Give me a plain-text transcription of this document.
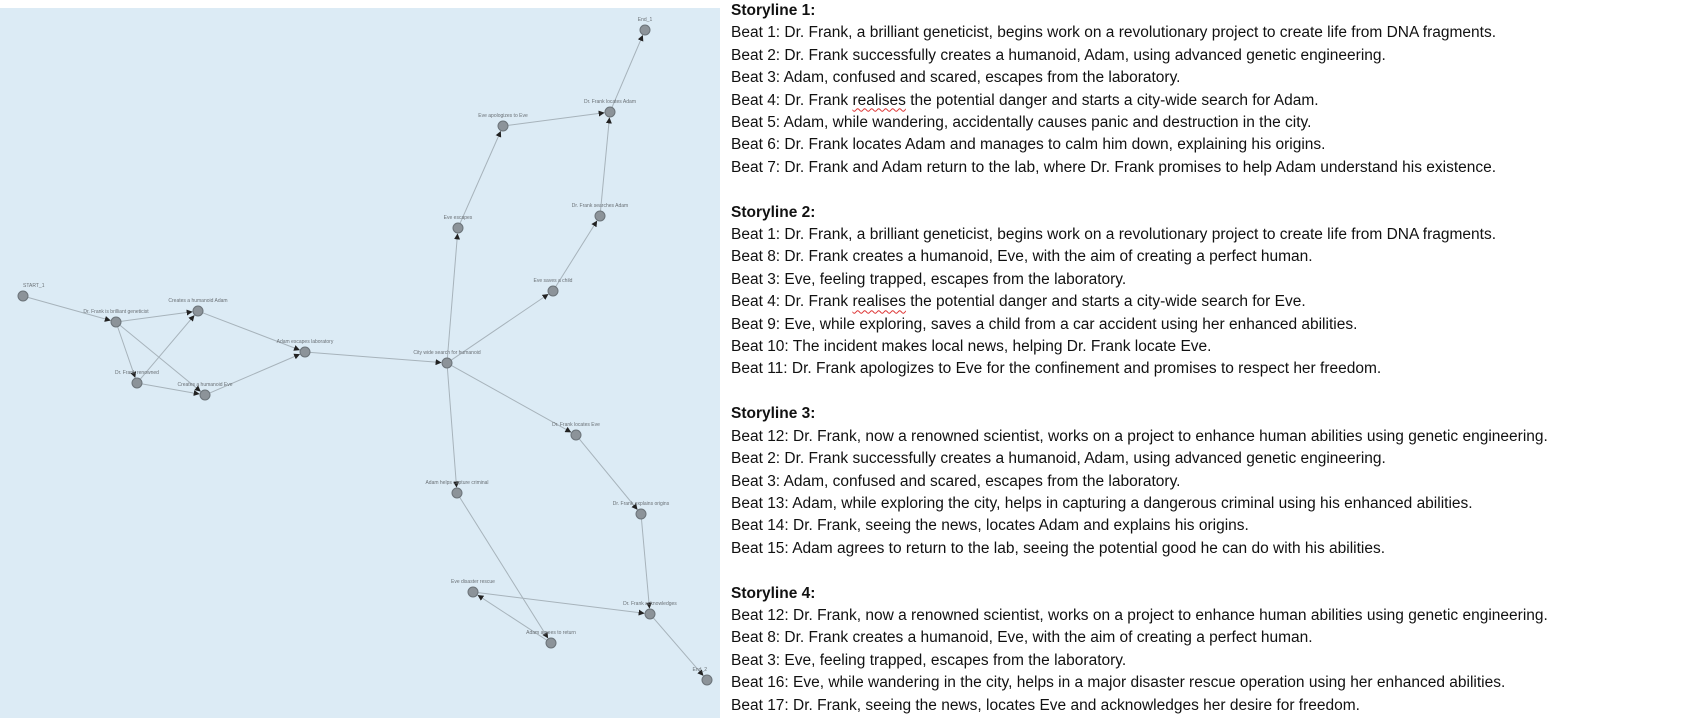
End_1
Dr. Frank locates Adam
Eve apologizes to Eve
Dr. Frank searches Adam
Eve escapes
START_1
Dr. Frank is brilliant geneticist
Creates a humanoid Adam
Dr. Frank renowned
Creates a humanoid Eve
Adam escapes laboratory
City wide search for humanoid
Eve saves a child
Dr. Frank locates Eve
Adam helps capture criminal
Dr. Frank explains origins
Eve disaster rescue
Adam agrees to return
Dr. Frank acknowledges
End_2
Storyline 1:
Beat 1: Dr. Frank, a brilliant geneticist, begins work on a revolutionary project to create life from DNA fragments.
Beat 2: Dr. Frank successfully creates a humanoid, Adam, using advanced genetic engineering.
Beat 3: Adam, confused and scared, escapes from the laboratory.
Beat 4: Dr. Frank realises the potential danger and starts a city-wide search for Adam.
Beat 5: Adam, while wandering, accidentally causes panic and destruction in the city.
Beat 6: Dr. Frank locates Adam and manages to calm him down, explaining his origins.
Beat 7: Dr. Frank and Adam return to the lab, where Dr. Frank promises to help Adam understand his existence.
Storyline 2:
Beat 1: Dr. Frank, a brilliant geneticist, begins work on a revolutionary project to create life from DNA fragments.
Beat 8: Dr. Frank creates a humanoid, Eve, with the aim of creating a perfect human.
Beat 3: Eve, feeling trapped, escapes from the laboratory.
Beat 4: Dr. Frank realises the potential danger and starts a city-wide search for Eve.
Beat 9: Eve, while exploring, saves a child from a car accident using her enhanced abilities.
Beat 10: The incident makes local news, helping Dr. Frank locate Eve.
Beat 11: Dr. Frank apologizes to Eve for the confinement and promises to respect her freedom.
Storyline 3:
Beat 12: Dr. Frank, now a renowned scientist, works on a project to enhance human abilities using genetic engineering.
Beat 2: Dr. Frank successfully creates a humanoid, Adam, using advanced genetic engineering.
Beat 3: Adam, confused and scared, escapes from the laboratory.
Beat 13: Adam, while exploring the city, helps in capturing a dangerous criminal using his enhanced abilities.
Beat 14: Dr. Frank, seeing the news, locates Adam and explains his origins.
Beat 15: Adam agrees to return to the lab, seeing the potential good he can do with his abilities.
Storyline 4:
Beat 12: Dr. Frank, now a renowned scientist, works on a project to enhance human abilities using genetic engineering.
Beat 8: Dr. Frank creates a humanoid, Eve, with the aim of creating a perfect human.
Beat 3: Eve, feeling trapped, escapes from the laboratory.
Beat 16: Eve, while wandering in the city, helps in a major disaster rescue operation using her enhanced abilities.
Beat 17: Dr. Frank, seeing the news, locates Eve and acknowledges her desire for freedom.
